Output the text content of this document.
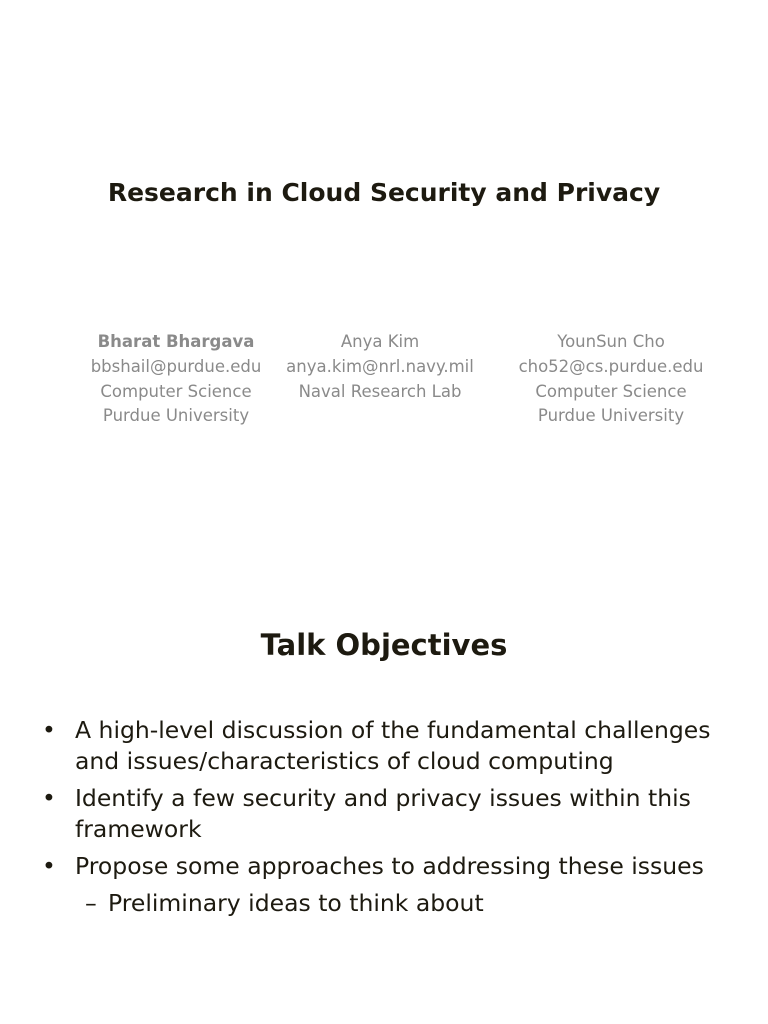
Research in Cloud Security and Privacy
Bharat Bhargava
bbshail@purdue.edu
Computer Science
Purdue University
Anya Kim
anya.kim@nrl.navy.mil
Naval Research Lab
YounSun Cho
cho52@cs.purdue.edu
Computer Science
Purdue University
Talk Objectives
• A high-level discussion of the fundamental challenges and issues/characteristics of cloud computing
• Identify a few security and privacy issues within this framework
• Propose some approaches to addressing these issues
– Preliminary ideas to think about
